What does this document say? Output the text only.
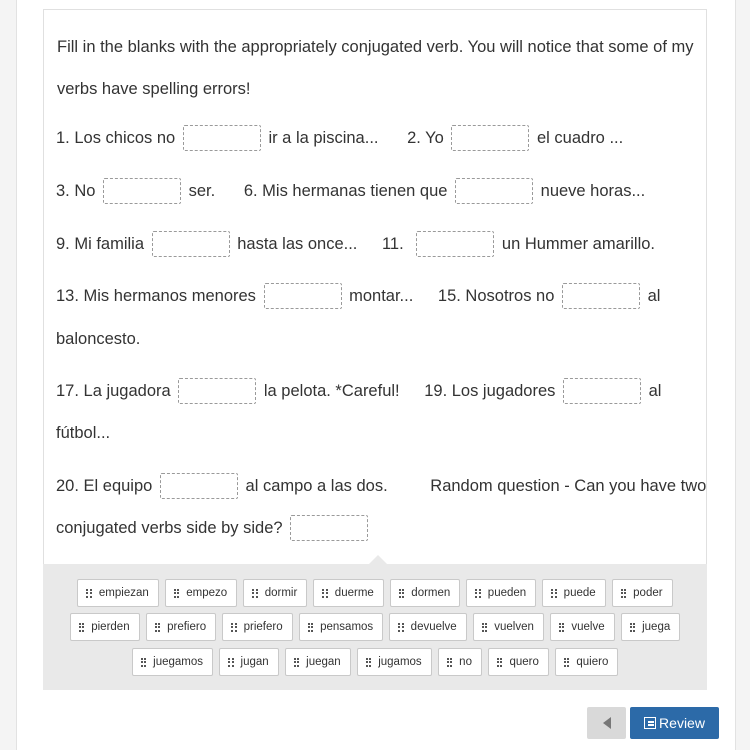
Fill in the blanks with the appropriately conjugated verb. You will notice that some of my verbs have spelling errors!

1. Los chicos no	ir a la piscina... 2. Yo	el cuadro ...
3. No	ser. 6. Mis hermanas tienen que	nueve horas...
9. Mi familia	hasta las once... 11.	un Hummer amarillo.
13. Mis hermanos menores	montar... 15. Nosotros no	al
baloncesto.
17. La jugadora	la pelota. *Careful! 19. Los jugadores	al
fútbol...
20. El equipo	al campo a las dos.	Random question - Can you have two
conjugated verbs side by side?
empiezan	empezo	dormir	duerme	dormen	pueden	puede	poder
pierden	prefiero	priefero	pensamos	devuelve	vuelven	vuelve	juega
juegamos	jugan	juegan	jugamos	no	quero	quiero
Review
